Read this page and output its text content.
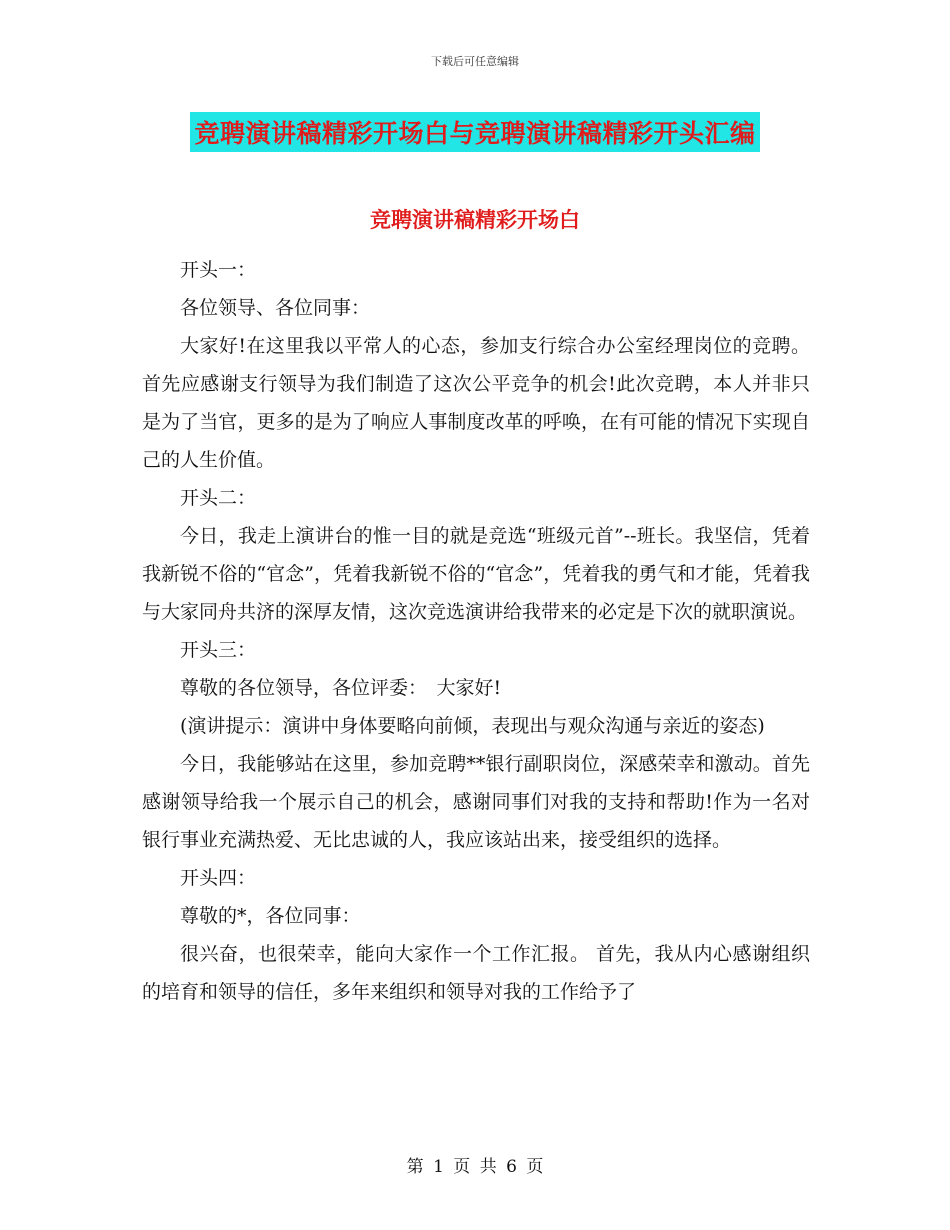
下载后可任意编辑
竞聘演讲稿精彩开场白与竞聘演讲稿精彩开头汇编
竞聘演讲稿精彩开场白

开头一：

各位领导、各位同事：

大家好!在这里我以平常人的心态，参加支行综合办公室经理岗位的竞聘。首先应感谢支行领导为我们制造了这次公平竞争的机会!此次竞聘，本人并非只是为了当官，更多的是为了响应人事制度改革的呼唤，在有可能的情况下实现自己的人生价值。

开头二：

今日，我走上演讲台的惟一目的就是竞选“班级元首”--班长。我坚信，凭着我新锐不俗的“官念”，凭着我新锐不俗的“官念”，凭着我的勇气和才能，凭着我与大家同舟共济的深厚友情，这次竞选演讲给我带来的必定是下次的就职演说。

开头三：

尊敬的各位领导，各位评委：　大家好!

(演讲提示：演讲中身体要略向前倾，表现出与观众沟通与亲近的姿态)

今日，我能够站在这里，参加竞聘**银行副职岗位，深感荣幸和激动。首先感谢领导给我一个展示自己的机会，感谢同事们对我的支持和帮助!作为一名对银行事业充满热爱、无比忠诚的人，我应该站出来，接受组织的选择。

开头四：

尊敬的*，各位同事：

很兴奋，也很荣幸，能向大家作一个工作汇报。 首先，我从内心感谢组织的培育和领导的信任，多年来组织和领导对我的工作给予了

第 1 页 共 6 页
